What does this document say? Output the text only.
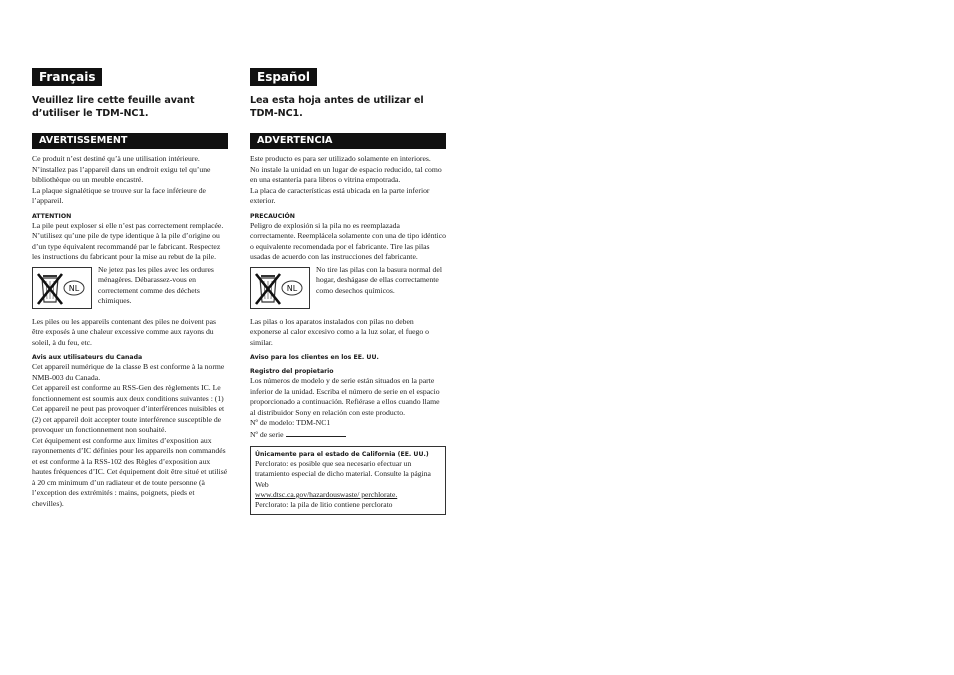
Français
Veuillez lire cette feuille avant d’utiliser le TDM-NC1.
AVERTISSEMENT

Ce produit n’est destiné qu’à une utilisation intérieure.

N’installez pas l’appareil dans un endroit exigu tel qu’une bibliothèque ou un meuble encastré.

La plaque signalétique se trouve sur la face inférieure de l’appareil.

ATTENTION

La pile peut exploser si elle n’est pas correctement remplacée. N’utilisez qu’une pile de type identique à la pile d’origine ou d’un type équivalent recommandé par le fabricant. Respectez les instructions du fabricant pour la mise au rebut de la pile.

NL
Ne jetez pas les piles avec les ordures ménagères. Débarassez-vous en correctement comme des déchets chimiques.

Les piles ou les appareils contenant des piles ne doivent pas être exposés à une chaleur excessive comme aux rayons du soleil, à du feu, etc.

Avis aux utilisateurs du Canada

Cet appareil numérique de la classe B est conforme à la norme NMB-003 du Canada.

Cet appareil est conforme au RSS-Gen des règlements IC. Le fonctionnement est soumis aux deux conditions suivantes : (1) Cet appareil ne peut pas provoquer d’interférences nuisibles et (2) cet appareil doit accepter toute interférence susceptible de provoquer un fonctionnement non souhaité.

Cet équipement est conforme aux limites d’exposition aux rayonnements d’IC définies pour les appareils non commandés et est conforme à la RSS-102 des Règles d’exposition aux hautes fréquences d’IC. Cet équipement doit être situé et utilisé à 20 cm minimum d’un radiateur et de toute personne (à l’exception des extrémités : mains, poignets, pieds et chevilles).

Español
Lea esta hoja antes de utilizar el TDM-NC1.
ADVERTENCIA

Este producto es para ser utilizado solamente en interiores.

No instale la unidad en un lugar de espacio reducido, tal como en una estantería para libros o vitrina empotrada.

La placa de características está ubicada en la parte inferior exterior.

PRECAUCIÓN

Peligro de explosión si la pila no es reemplazada correctamente. Reemplácela solamente con una de tipo idéntico o equivalente recomendada por el fabricante. Tire las pilas usadas de acuerdo con las instrucciones del fabricante.

NL
No tire las pilas con la basura normal del hogar, deshágase de ellas correctamente como desechos químicos.

Las pilas o los aparatos instalados con pilas no deben exponerse al calor excesivo como a la luz solar, el fuego o similar.

Aviso para los clientes en los EE. UU.
Registro del propietario

Los números de modelo y de serie están situados en la parte inferior de la unidad. Escriba el número de serie en el espacio proporcionado a continuación. Refiérase a ellos cuando llame al distribuidor Sony en relación con este producto.

Nº de modelo: TDM-NC1

Nº de serie

Únicamente para el estado de California (EE. UU.)

Perclorato: es posible que sea necesario efectuar un tratamiento especial de dicho material. Consulte la página Web

www.dtsc.ca.gov/hazardouswaste/ perchlorate.

Perclorato: la pila de litio contiene perclorato
